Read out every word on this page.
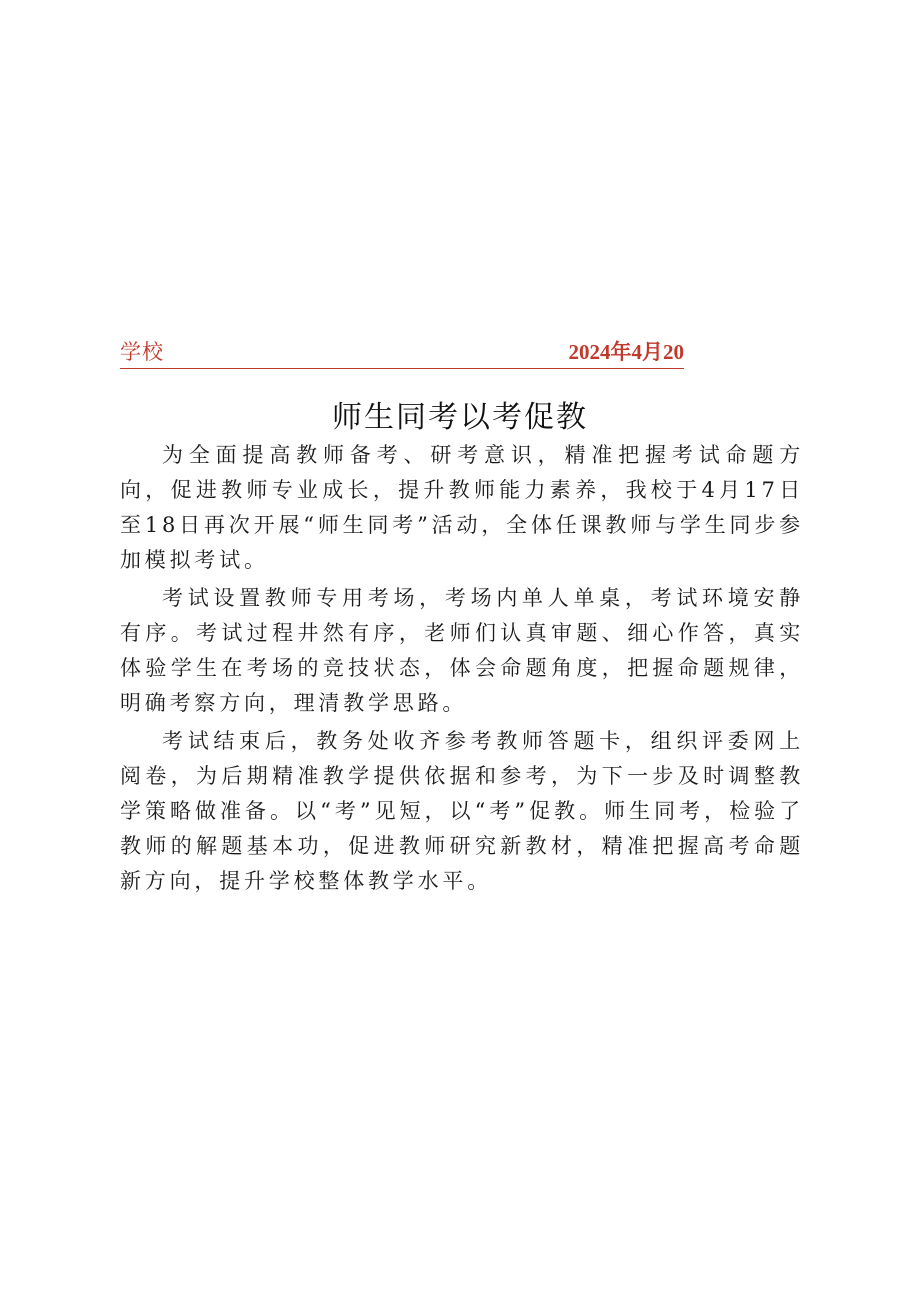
学校	2024年4月20
师生同考以考促教

为全面提高教师备考、研考意识，精准把握考试命题方向，促进教师专业成长，提升教师能力素养，我校于4月17日至18日再次开展“师生同考”活动，全体任课教师与学生同步参加模拟考试。

考试设置教师专用考场，考场内单人单桌，考试环境安静有序。考试过程井然有序，老师们认真审题、细心作答，真实体验学生在考场的竞技状态，体会命题角度，把握命题规律，明确考察方向，理清教学思路。

考试结束后，教务处收齐参考教师答题卡，组织评委网上阅卷，为后期精准教学提供依据和参考，为下一步及时调整教学策略做准备。以“考”见短，以“考”促教。师生同考，检验了教师的解题基本功，促进教师研究新教材，精准把握高考命题新方向，提升学校整体教学水平。
